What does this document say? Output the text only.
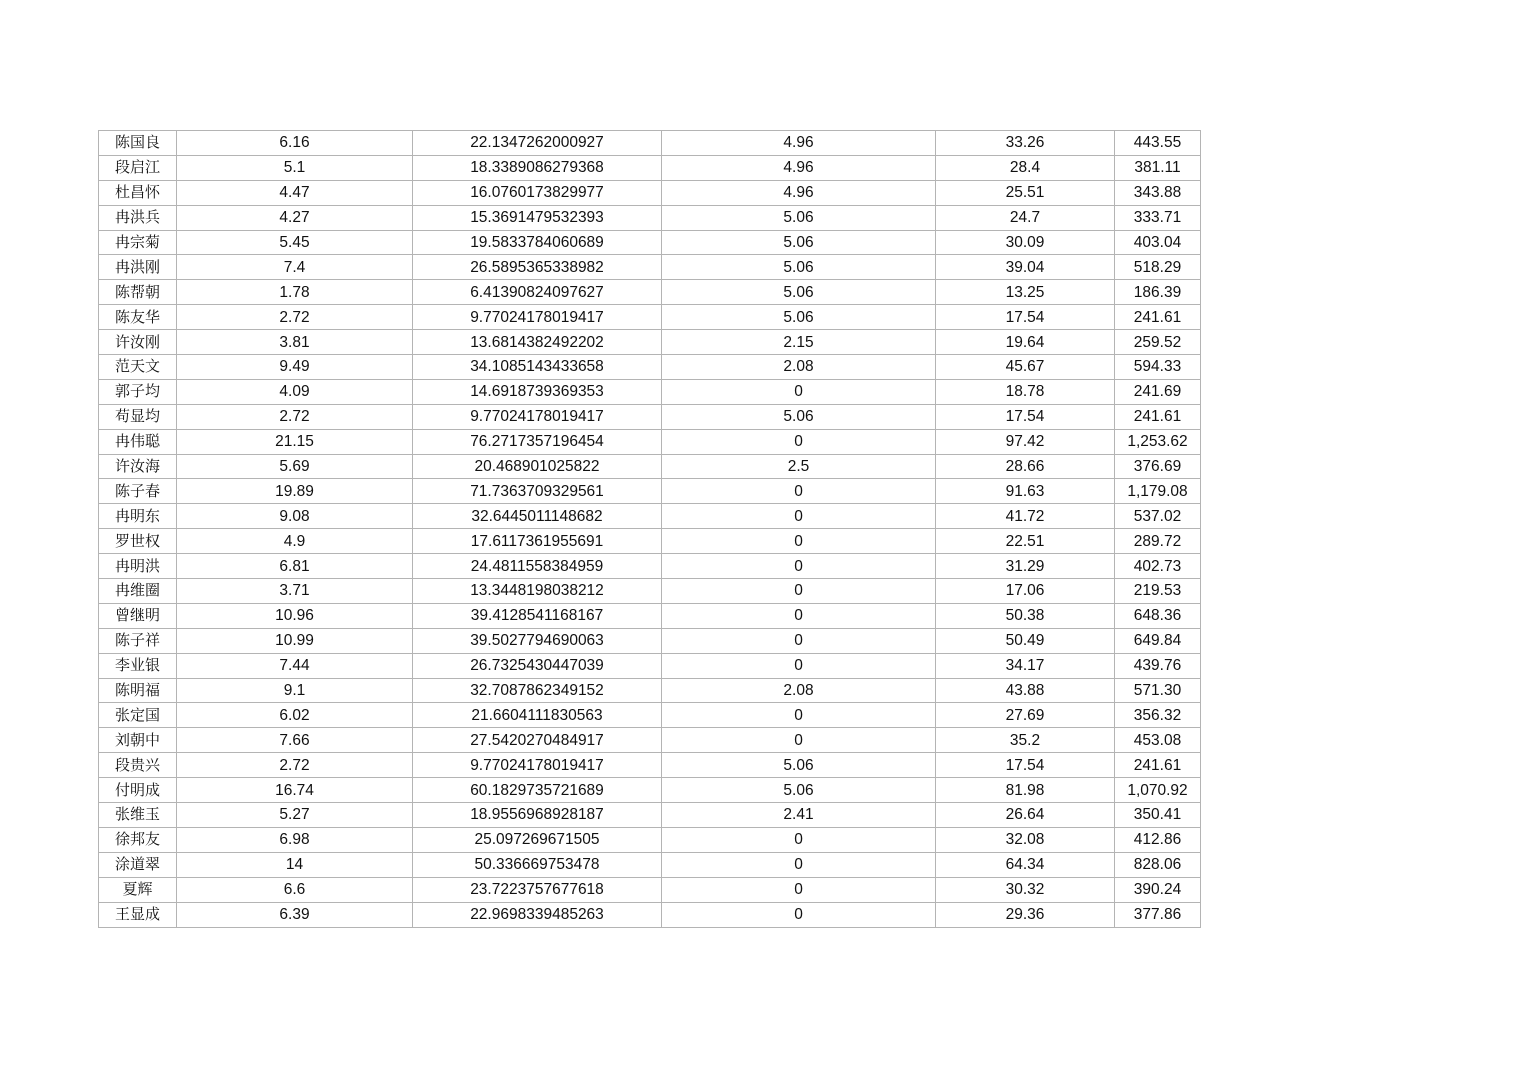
陈国良	6.16	22.1347262000927	4.96	33.26	443.55
段启江	5.1	18.3389086279368	4.96	28.4	381.11
杜昌怀	4.47	16.0760173829977	4.96	25.51	343.88
冉洪兵	4.27	15.3691479532393	5.06	24.7	333.71
冉宗菊	5.45	19.5833784060689	5.06	30.09	403.04
冉洪刚	7.4	26.5895365338982	5.06	39.04	518.29
陈帮朝	1.78	6.41390824097627	5.06	13.25	186.39
陈友华	2.72	9.77024178019417	5.06	17.54	241.61
许汝刚	3.81	13.6814382492202	2.15	19.64	259.52
范天文	9.49	34.1085143433658	2.08	45.67	594.33
郭子均	4.09	14.6918739369353	0	18.78	241.69
苟显均	2.72	9.77024178019417	5.06	17.54	241.61
冉伟聪	21.15	76.2717357196454	0	97.42	1,253.62
许汝海	5.69	20.468901025822	2.5	28.66	376.69
陈子春	19.89	71.7363709329561	0	91.63	1,179.08
冉明东	9.08	32.6445011148682	0	41.72	537.02
罗世权	4.9	17.6117361955691	0	22.51	289.72
冉明洪	6.81	24.4811558384959	0	31.29	402.73
冉维圈	3.71	13.3448198038212	0	17.06	219.53
曾继明	10.96	39.4128541168167	0	50.38	648.36
陈子祥	10.99	39.5027794690063	0	50.49	649.84
李业银	7.44	26.7325430447039	0	34.17	439.76
陈明福	9.1	32.7087862349152	2.08	43.88	571.30
张定国	6.02	21.6604111830563	0	27.69	356.32
刘朝中	7.66	27.5420270484917	0	35.2	453.08
段贵兴	2.72	9.77024178019417	5.06	17.54	241.61
付明成	16.74	60.1829735721689	5.06	81.98	1,070.92
张维玉	5.27	18.9556968928187	2.41	26.64	350.41
徐邦友	6.98	25.097269671505	0	32.08	412.86
涂道翠	14	50.336669753478	0	64.34	828.06
夏辉	6.6	23.7223757677618	0	30.32	390.24
王显成	6.39	22.9698339485263	0	29.36	377.86
